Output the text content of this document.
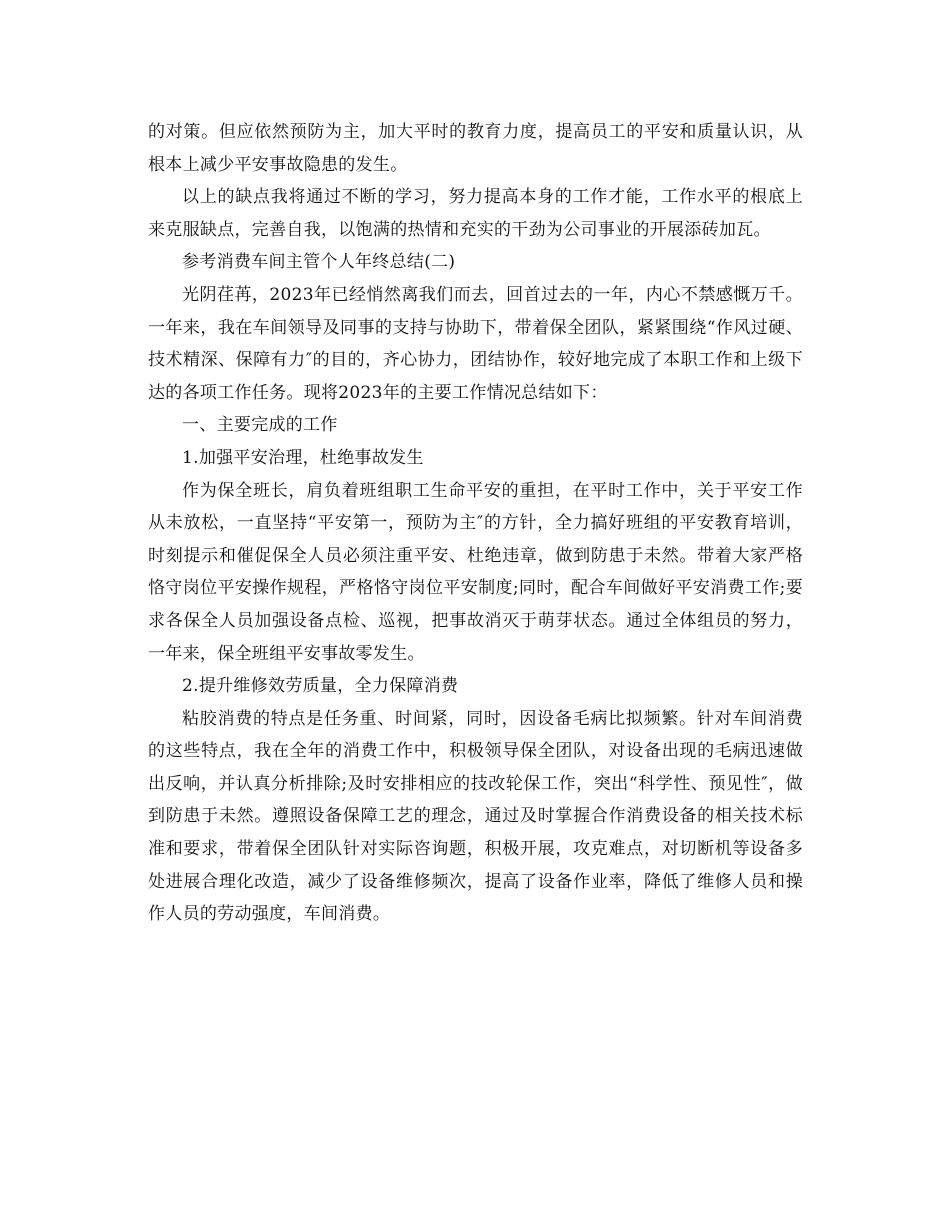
的对策。但应依然预防为主，加大平时的教育力度，提高员工的平安和质量认识，从根本上减少平安事故隐患的发生。

以上的缺点我将通过不断的学习，努力提高本身的工作才能，工作水平的根底上来克服缺点，完善自我，以饱满的热情和充实的干劲为公司事业的开展添砖加瓦。

参考消费车间主管个人年终总结(二)

光阴荏苒，2023年已经悄然离我们而去，回首过去的一年，内心不禁感慨万千。一年来，我在车间领导及同事的支持与协助下，带着保全团队，紧紧围绕“作风过硬、技术精深、保障有力″的目的，齐心协力，团结协作，较好地完成了本职工作和上级下达的各项工作任务。现将2023年的主要工作情况总结如下：

一、主要完成的工作

1.加强平安治理，杜绝事故发生

作为保全班长，肩负着班组职工生命平安的重担，在平时工作中，关于平安工作从未放松，一直坚持“平安第一，预防为主″的方针，全力搞好班组的平安教育培训，时刻提示和催促保全人员必须注重平安、杜绝违章，做到防患于未然。带着大家严格恪守岗位平安操作规程，严格恪守岗位平安制度;同时，配合车间做好平安消费工作;要求各保全人员加强设备点检、巡视，把事故消灭于萌芽状态。通过全体组员的努力，一年来，保全班组平安事故零发生。

2.提升维修效劳质量，全力保障消费

粘胶消费的特点是任务重、时间紧，同时，因设备毛病比拟频繁。针对车间消费的这些特点，我在全年的消费工作中，积极领导保全团队，对设备出现的毛病迅速做出反响，并认真分析排除;及时安排相应的技改轮保工作，突出“科学性、预见性″，做到防患于未然。遵照设备保障工艺的理念，通过及时掌握合作消费设备的相关技术标准和要求，带着保全团队针对实际咨询题，积极开展，攻克难点，对切断机等设备多处进展合理化改造，减少了设备维修频次，提高了设备作业率，降低了维修人员和操作人员的劳动强度，车间消费。
